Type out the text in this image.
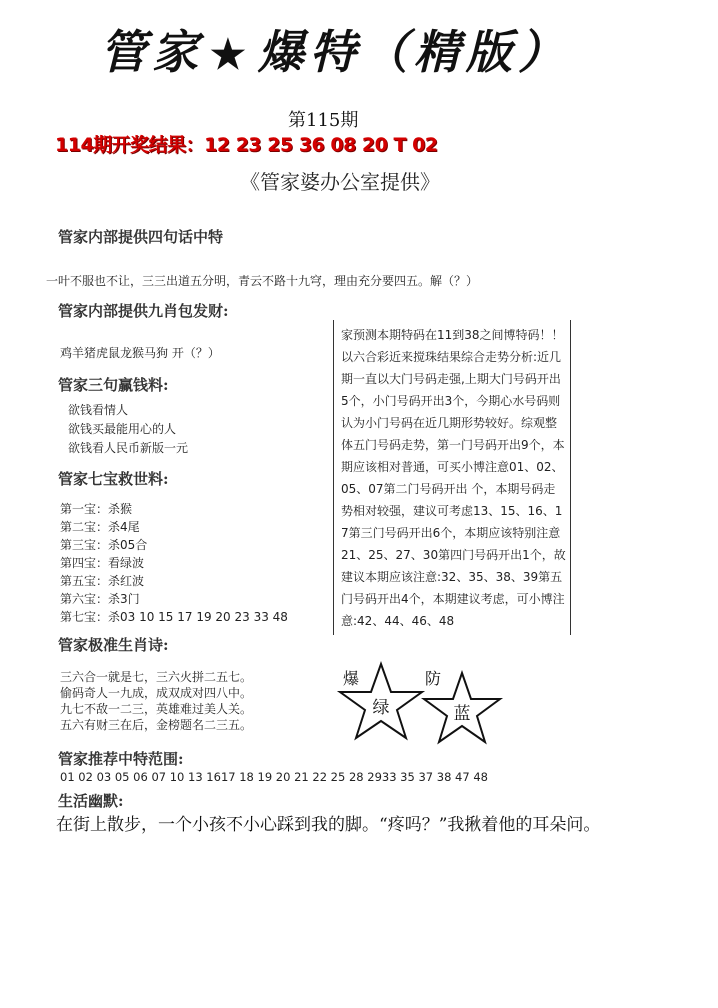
管家 ★ 爆特（精版）
第115期
114期开奖结果：12 23 25 36 08 20 T 02
《管家婆办公室提供》
管家内部提供四句话中特
一叶不服也不让，三三出道五分明，青云不路十九穹，理由充分要四五。解（？）
管家内部提供九肖包发财:
鸡羊猪虎鼠龙猴马狗 开（？）
管家三句赢钱料:
欲钱看情人
欲钱买最能用心的人
欲钱看人民币新版一元
管家七宝救世料:
第一宝：杀猴
第二宝：杀4尾
第三宝：杀05合
第四宝：看绿波
第五宝：杀红波
第六宝：杀3门
第七宝：杀03 10 15 17 19 20 23 33 48
管家极准生肖诗:
三六合一就是七，三六火拼二五七。
偷码奇人一九成，成双成对四八中。
九七不敌一二三，英雄难过美人关。
五六有财三在后，金榜题名二三五。
家预测本期特码在11到38之间博特码！！ 以六合彩近来搅珠结果综合走势分析:近几期一直以大门号码走强,上期大门号码开出5个，小门号码开出3个，今期心水号码则认为小门号码在近几期形势较好。综观整体五门号码走势，第一门号码开出9个，本期应该相对普通，可买小博注意01、02、05、07第二门号码开出 个，本期号码走势相对较强，建议可考虑13、15、16、17第三门号码开出6个，本期应该特别注意21、25、27、30第四门号码开出1个，故建议本期应该注意:32、35、38、39第五门号码开出4个，本期建议考虑，可小博注意:42、44、46、48
爆	防
绿	蓝
管家推荐中特范围:
01 02 03 05 06 07 10 13 1617 18 19 20 21 22 25 28 2933 35 37 38 47 48
生活幽默:
在街上散步，一个小孩不小心踩到我的脚。“疼吗？”我揪着他的耳朵问。
